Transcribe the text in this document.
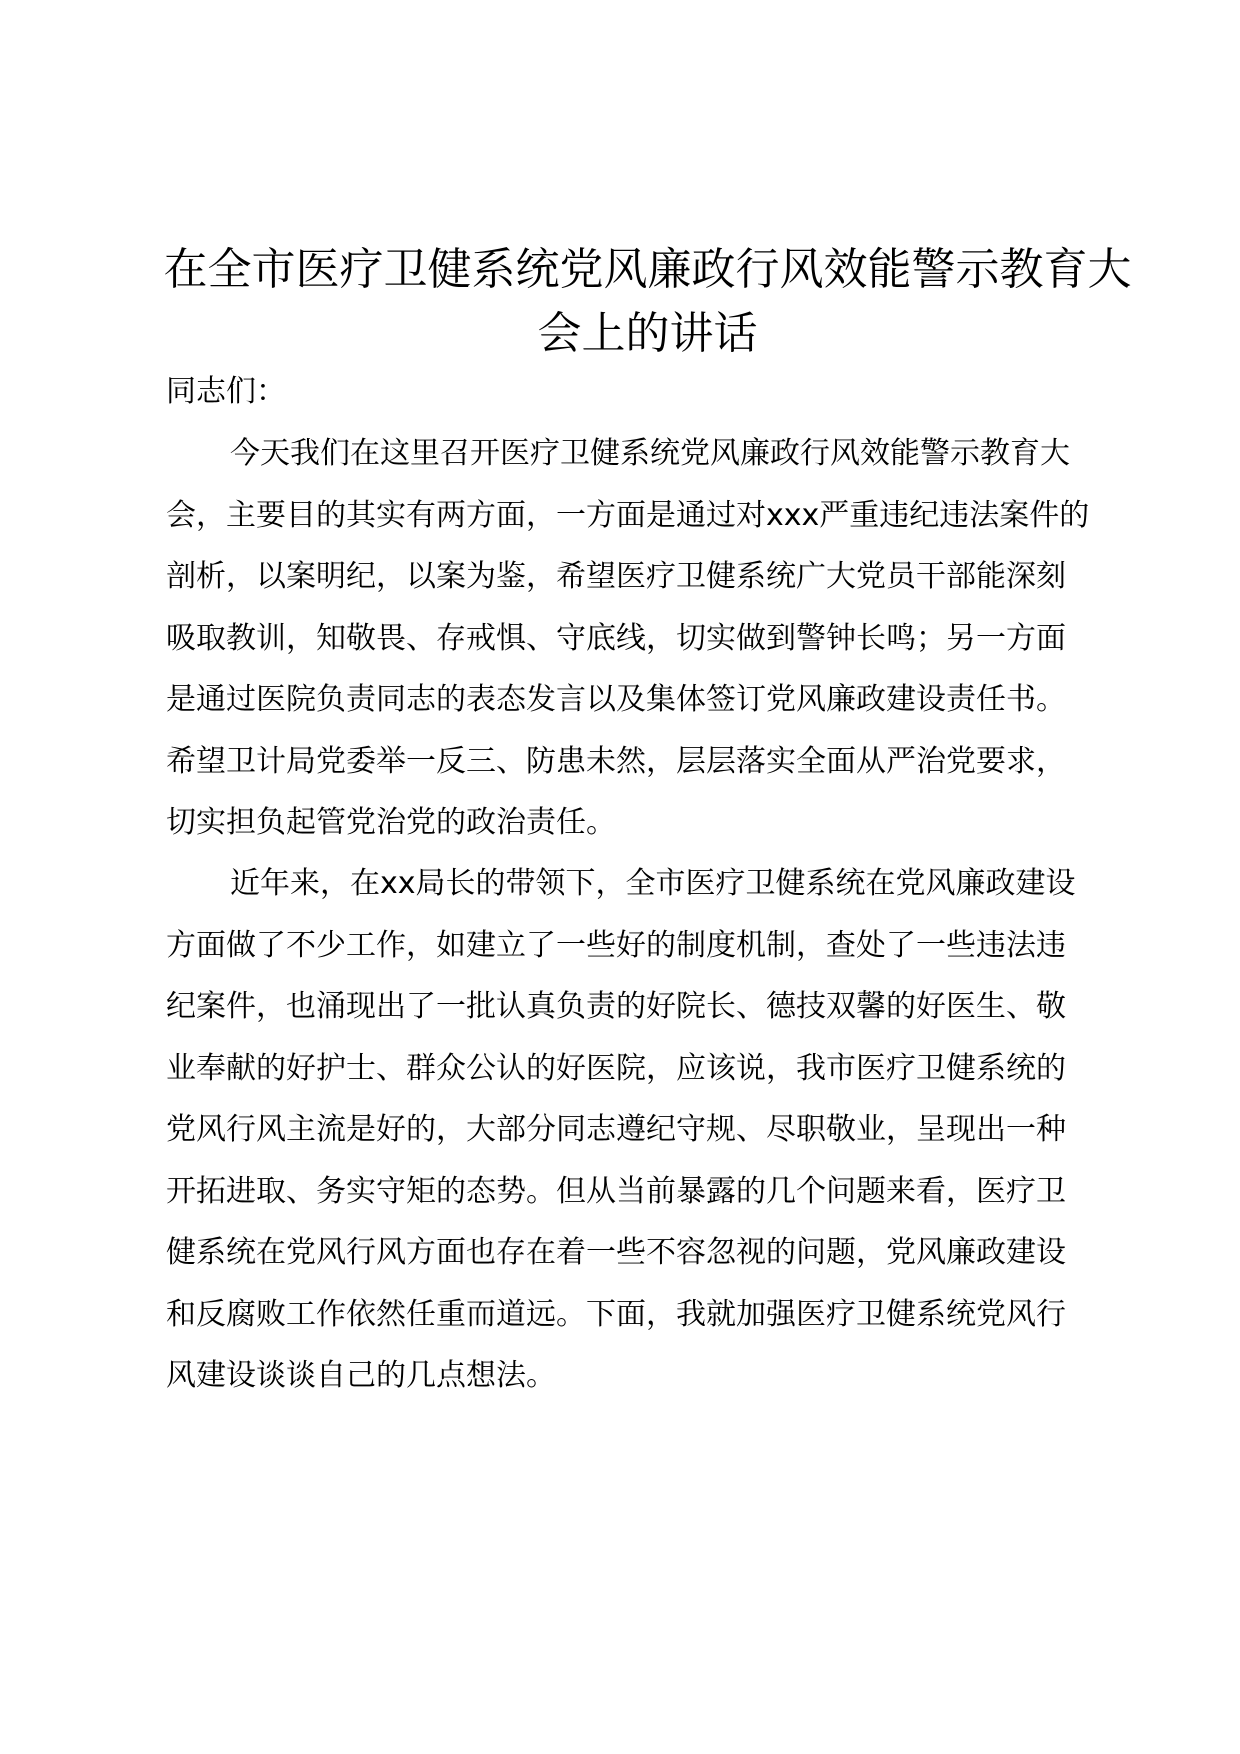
在全市医疗卫健系统党风廉政行风效能警示教育大会上的讲话

同志们：

今天我们在这里召开医疗卫健系统党风廉政行风效能警示教育大会，主要目的其实有两方面，一方面是通过对xxx严重违纪违法案件的剖析，以案明纪，以案为鉴，希望医疗卫健系统广大党员干部能深刻吸取教训，知敬畏、存戒惧、守底线，切实做到警钟长鸣；另一方面是通过医院负责同志的表态发言以及集体签订党风廉政建设责任书。希望卫计局党委举一反三、防患未然，层层落实全面从严治党要求，切实担负起管党治党的政治责任。

近年来，在xx局长的带领下，全市医疗卫健系统在党风廉政建设方面做了不少工作，如建立了一些好的制度机制，查处了一些违法违纪案件，也涌现出了一批认真负责的好院长、德技双馨的好医生、敬业奉献的好护士、群众公认的好医院，应该说，我市医疗卫健系统的党风行风主流是好的，大部分同志遵纪守规、尽职敬业，呈现出一种开拓进取、务实守矩的态势。但从当前暴露的几个问题来看，医疗卫健系统在党风行风方面也存在着一些不容忽视的问题，党风廉政建设和反腐败工作依然任重而道远。下面，我就加强医疗卫健系统党风行风建设谈谈自己的几点想法。
